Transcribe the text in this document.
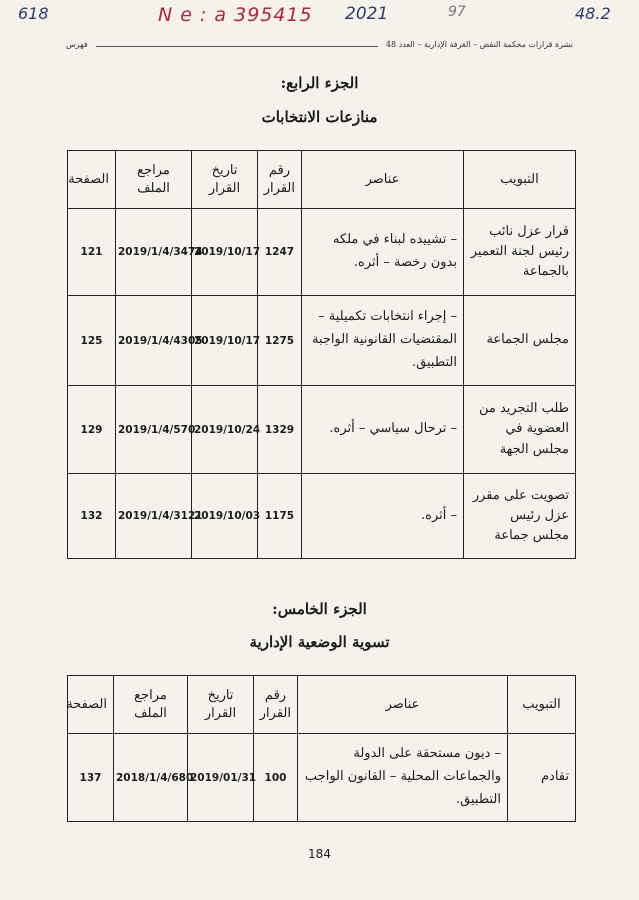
618	N e : a 395415 2021	97	48.2
نشرة قرارات محكمة النقض – الغرفة الإدارية – العدد 48
فهرس
الجزء الرابع:
منازعات الانتخابات
التبويب	عناصر	رقم القرار	تاريخ القرار	مراجع الملف	الصفحة
قرار عزل نائب رئيس لجنة التعمير بالجماعة	– تشييده لبناء في ملكه بدون رخصة – أثره.	1247	2019/10/17	2019/1/4/3474	121
مجلس الجماعة	– إجراء انتخابات تكميلية – المقتضيات القانونية الواجبة التطبيق.	1275	2019/10/17	2019/1/4/4305	125
طلب التجريد من العضوية في مجلس الجهة	– ترحال سياسي – أثره.	1329	2019/10/24	2019/1/4/570	129
تصويت على مقرر عزل رئيس مجلس جماعة	– أثره.	1175	2019/10/03	2019/1/4/3121	132
الجزء الخامس:
تسوية الوضعية الإدارية
التبويب	عناصر	رقم القرار	تاريخ القرار	مراجع الملف	الصفحة
تقادم	– ديون مستحقة على الدولة والجماعات المحلية – القانون الواجب التطبيق.	100	2019/01/31	2018/1/4/680	137
184
